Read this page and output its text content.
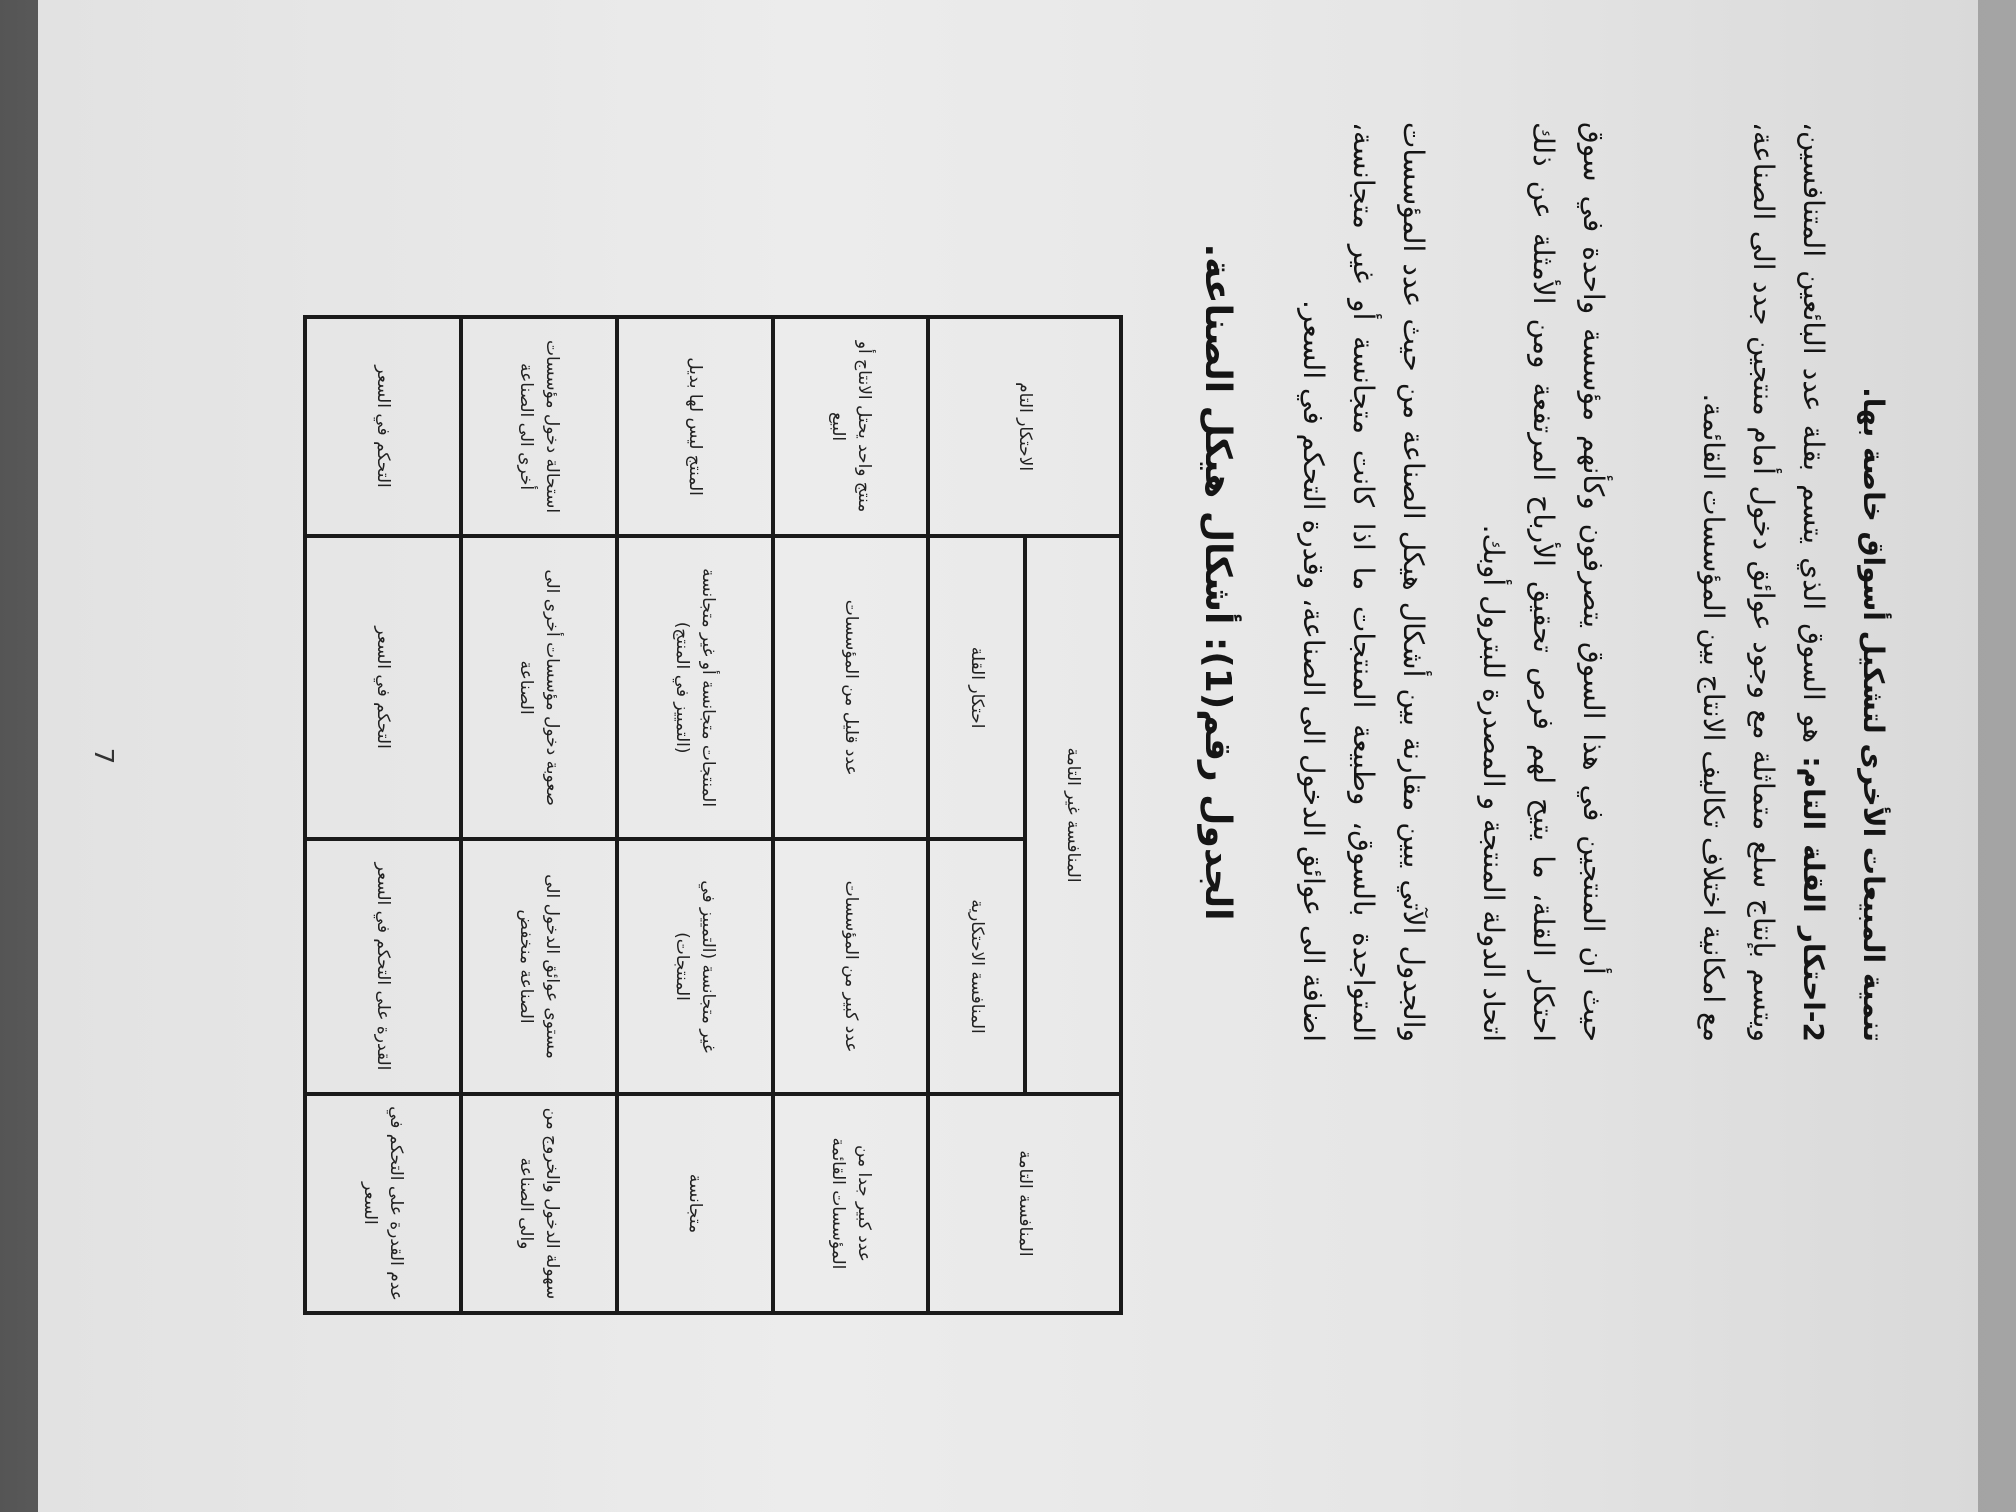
تنمية المبيعات الأخرى لتشكيل أسواق خاصة بها.

2-احتكار القلة التام: هو السوق الذي يتسم بقلة عدد البائعين المتنافسين، ويتسم بإنتاج سلع متماثلة مع وجود عوائق دخول أمام منتجين جدد الى الصناعة، مع امكانية اختلاف تكاليف الانتاج بين المؤسسات القائمة.

حيث أن المنتجين في هذا السوق يتصرفون وكأنهم مؤسسة واحدة في سوق احتكار القلة، ما يتيح لهم فرص تحقيق الأرباح المرتفعة ومن الأمثلة عن ذلك اتحاد الدولة المنتجة و المصدرة للبترول أوبك.

والجدول الآتي يبين مقارنة بين أشكال هيكل الصناعة من حيث عدد المؤسسات المتواجدة بالسوق، وطبيعة المنتجات ما اذا كانت متجانسة أو غير متجانسة، اضافة الى عوائق الدخول الى الصناعة، وقدرة التحكم في السعر.

الجدول رقم(1): أشكال هيكل الصناعة.

المنافسة التامة	المنافسة غير التامة		الاحتكار التام
	المنافسة الاحتكارية	احتكار القلة	
عدد كبير جدا من المؤسسات القائمة	عدد كبير من المؤسسات	عدد قليل من المؤسسات	منتج واحد يحتل الانتاج أو البيع
متجانسة	غير متجانسة (التمييز في المنتجات)	المنتجات متجانسة أو غير متجانسة (التمييز في المنتج)	المنتج ليس لها بديل
سهولة الدخول والخروج من والى الصناعة	مستوى عوائق الدخول الى الصناعة منخفض	صعوبة دخول مؤسسات أخرى الى الصناعة	استحالة دخول مؤسسات أخرى الى الصناعة
عدم القدرة على التحكم في السعر	القدرة على التحكم في السعر	التحكم في السعر	التحكم في السعر
7
